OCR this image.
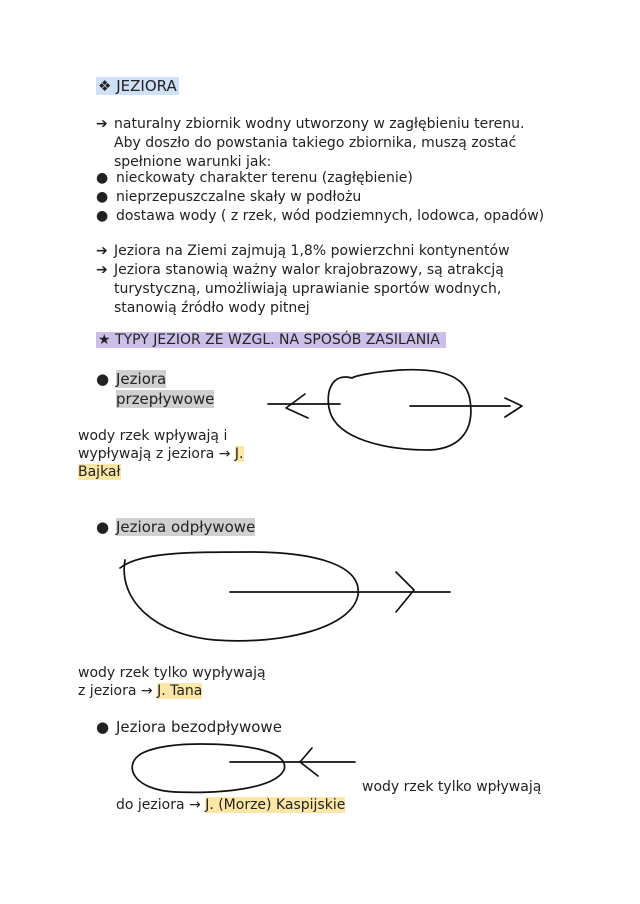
❖ JEZIORA
➔ naturalny zbiornik wodny utworzony w zagłębieniu terenu.
Aby doszło do powstania takiego zbiornika, muszą zostać
spełnione warunki jak:
● nieckowaty charakter terenu (zagłębienie)
● nieprzepuszczalne skały w podłożu
● dostawa wody ( z rzek, wód podziemnych, lodowca, opadów)
➔ Jeziora na Ziemi zajmują 1,8% powierzchni kontynentów
➔ Jeziora stanowią ważny walor krajobrazowy, są atrakcją
turystyczną, umożliwiają uprawianie sportów wodnych,
stanowią źródło wody pitnej
★ TYPY JEZIOR ZE WZGL. NA SPOSÓB ZASILANIA
● Jeziora
przepływowe
wody rzek wpływają i
wypływają z jeziora → J.
Bajkał
● Jeziora odpływowe
wody rzek tylko wypływają
z jeziora → J. Tana
● Jeziora bezodpływowe
wody rzek tylko wpływają
do jeziora → J. (Morze) Kaspijskie
